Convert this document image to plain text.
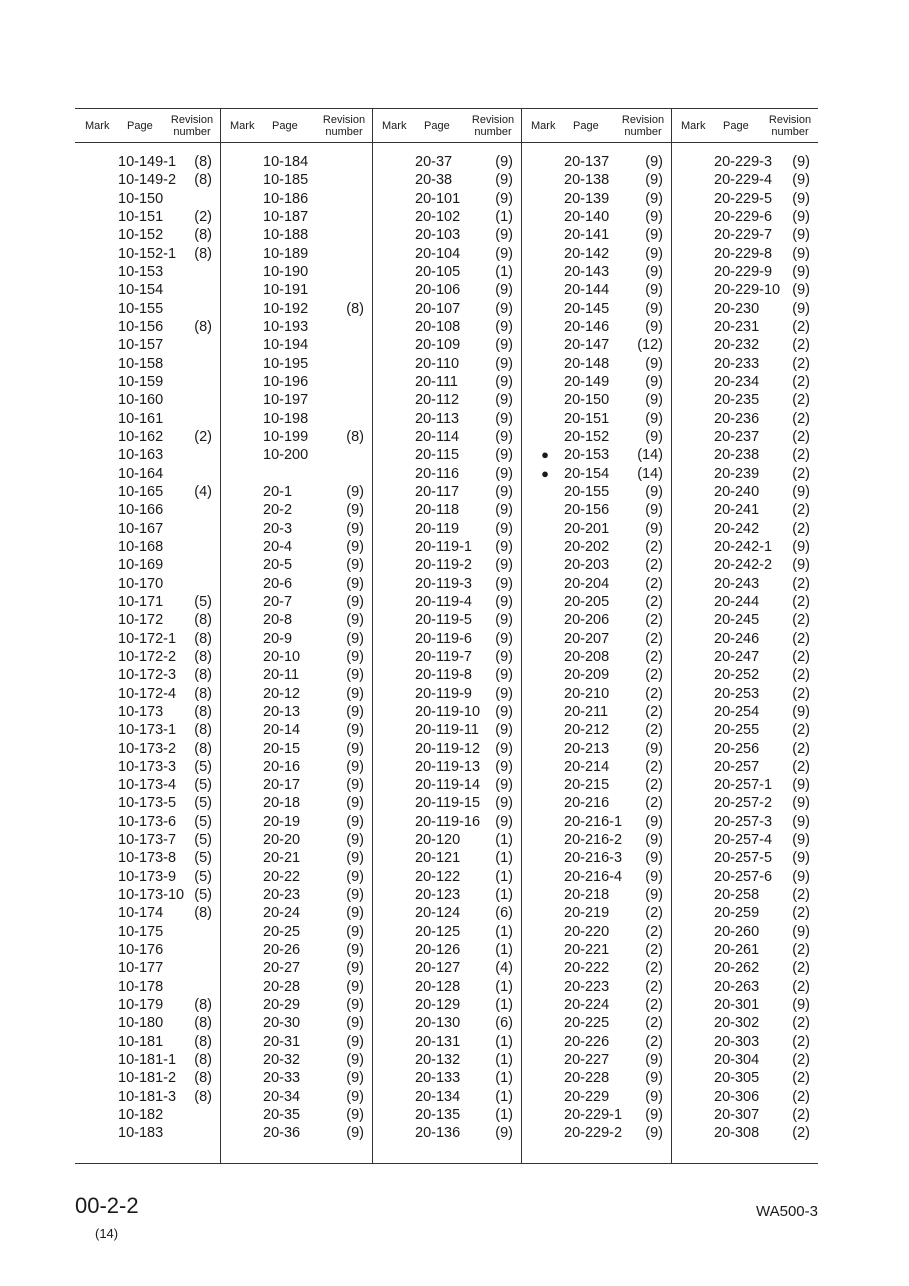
Mark Page Revision number
10-149-1 (8)
10-149-2 (8)
10-150
10-151 (2)
10-152 (8)
10-152-1 (8)
10-153
10-154
10-155
10-156 (8)
10-157
10-158
10-159
10-160
10-161
10-162 (2)
10-163
10-164
10-165 (4)
10-166
10-167
10-168
10-169
10-170
10-171 (5)
10-172 (8)
10-172-1 (8)
10-172-2 (8)
10-172-3 (8)
10-172-4 (8)
10-173 (8)
10-173-1 (8)
10-173-2 (8)
10-173-3 (5)
10-173-4 (5)
10-173-5 (5)
10-173-6 (5)
10-173-7 (5)
10-173-8 (5)
10-173-9 (5)
10-173-10 (5)
10-174 (8)
10-175
10-176
10-177
10-178
10-179 (8)
10-180 (8)
10-181 (8)
10-181-1 (8)
10-181-2 (8)
10-181-3 (8)
10-182
10-183
Mark Page Revision number
10-184
10-185
10-186
10-187
10-188
10-189
10-190
10-191
10-192	(8)
10-193
10-194
10-195
10-196
10-197
10-198
10-199	(8)
10-200
20-1	(9)
20-2	(9)
20-3	(9)
20-4	(9)
20-5	(9)
20-6	(9)
20-7	(9)
20-8	(9)
20-9	(9)
20-10	(9)
20-11	(9)
20-12	(9)
20-13	(9)
20-14	(9)
20-15	(9)
20-16	(9)
20-17	(9)
20-18	(9)
20-19	(9)
20-20	(9)
20-21	(9)
20-22	(9)
20-23	(9)
20-24	(9)
20-25	(9)
20-26	(9)
20-27	(9)
20-28	(9)
20-29	(9)
20-30	(9)
20-31	(9)
20-32	(9)
20-33	(9)
20-34	(9)
20-35	(9)
20-36	(9)
Mark Page Revision number
20-37	(9)
20-38	(9)
20-101 (9)
20-102 (1)
20-103 (9)
20-104 (9)
20-105 (1)
20-106 (9)
20-107 (9)
20-108 (9)
20-109 (9)
20-110 (9)
20-111	(9)
20-112 (9)
20-113 (9)
20-114 (9)
20-115 (9)
20-116 (9)
20-117 (9)
20-118 (9)
20-119 (9)
20-119-1 (9)
20-119-2 (9)
20-119-3 (9)
20-119-4 (9)
20-119-5 (9)
20-119-6 (9)
20-119-7 (9)
20-119-8 (9)
20-119-9 (9)
20-119-10 (9)
20-119-11 (9)
20-119-12 (9)
20-119-13 (9)
20-119-14 (9)
20-119-15 (9)
20-119-16 (9)
20-120 (1)
20-121 (1)
20-122 (1)
20-123 (1)
20-124 (6)
20-125 (1)
20-126 (1)
20-127 (4)
20-128 (1)
20-129 (1)
20-130 (6)
20-131 (1)
20-132 (1)
20-133 (1)
20-134 (1)
20-135 (1)
20-136 (9)
Mark Page Revision number
20-137 (9)
20-138 (9)
20-139 (9)
20-140 (9)
20-141 (9)
20-142 (9)
20-143 (9)
20-144 (9)
20-145 (9)
20-146 (9)
20-147 (12)
20-148 (9)
20-149 (9)
20-150 (9)
20-151 (9)
20-152 (9)
● 20-153 (14)
● 20-154 (14)
20-155 (9)
20-156 (9)
20-201 (9)
20-202 (2)
20-203 (2)
20-204 (2)
20-205 (2)
20-206 (2)
20-207 (2)
20-208 (2)
20-209 (2)
20-210 (2)
20-211	(2)
20-212 (2)
20-213 (9)
20-214 (2)
20-215 (2)
20-216 (2)
20-216-1 (9)
20-216-2 (9)
20-216-3 (9)
20-216-4 (9)
20-218 (9)
20-219 (2)
20-220 (2)
20-221 (2)
20-222 (2)
20-223 (2)
20-224 (2)
20-225 (2)
20-226 (2)
20-227 (9)
20-228 (9)
20-229 (9)
20-229-1 (9)
20-229-2 (9)
Mark Page Revision number
20-229-3 (9)
20-229-4 (9)
20-229-5 (9)
20-229-6 (9)
20-229-7 (9)
20-229-8 (9)
20-229-9 (9)
20-229-10 (9)
20-230 (9)
20-231 (2)
20-232 (2)
20-233 (2)
20-234 (2)
20-235 (2)
20-236 (2)
20-237 (2)
20-238 (2)
20-239 (2)
20-240 (9)
20-241 (2)
20-242 (2)
20-242-1 (9)
20-242-2 (9)
20-243 (2)
20-244 (2)
20-245 (2)
20-246 (2)
20-247 (2)
20-252 (2)
20-253 (2)
20-254 (9)
20-255 (2)
20-256 (2)
20-257 (2)
20-257-1 (9)
20-257-2 (9)
20-257-3 (9)
20-257-4 (9)
20-257-5 (9)
20-257-6 (9)
20-258 (2)
20-259 (2)
20-260 (9)
20-261 (2)
20-262 (2)
20-263 (2)
20-301 (9)
20-302 (2)
20-303 (2)
20-304 (2)
20-305 (2)
20-306 (2)
20-307 (2)
20-308 (2)
00-2-2
(14)
WA500-3
